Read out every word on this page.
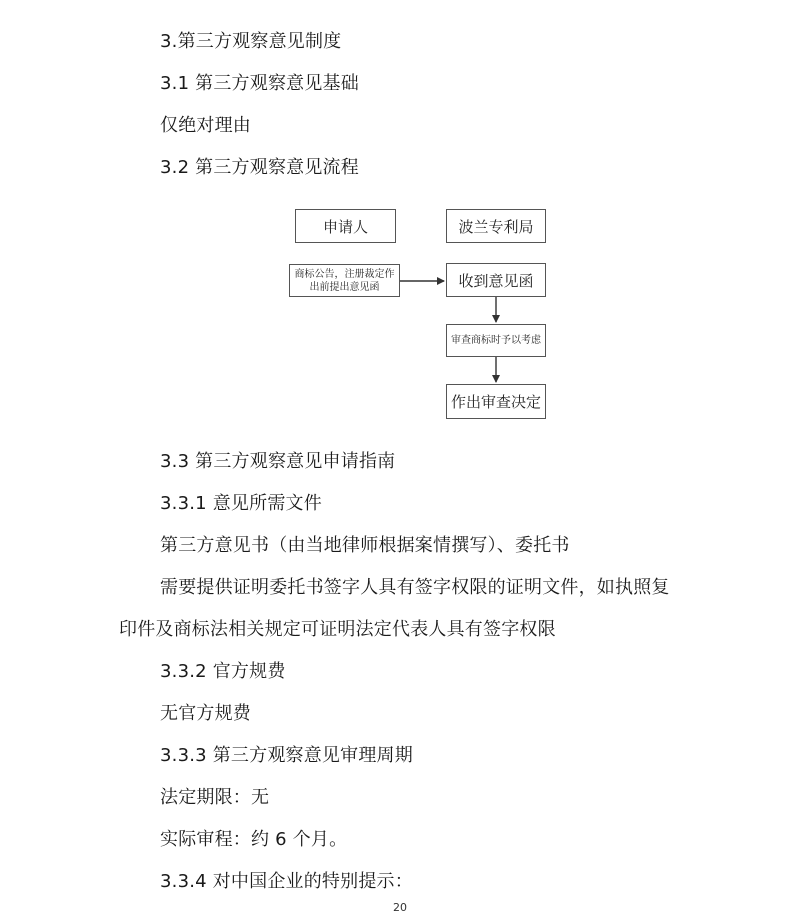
3.第三方观察意见制度
3.1 第三方观察意见基础
仅绝对理由
3.2 第三方观察意见流程
申请人	波兰专利局
商标公告，注册裁定作出前提出意见函	收到意见函
审查商标时予以考虑
作出审查决定
3.3 第三方观察意见申请指南
3.3.1 意见所需文件
第三方意见书（由当地律师根据案情撰写）、委托书
需要提供证明委托书签字人具有签字权限的证明文件，如执照复
印件及商标法相关规定可证明法定代表人具有签字权限
3.3.2 官方规费
无官方规费
3.3.3 第三方观察意见审理周期
法定期限：无
实际审程：约 6 个月。
3.3.4 对中国企业的特别提示：
20
